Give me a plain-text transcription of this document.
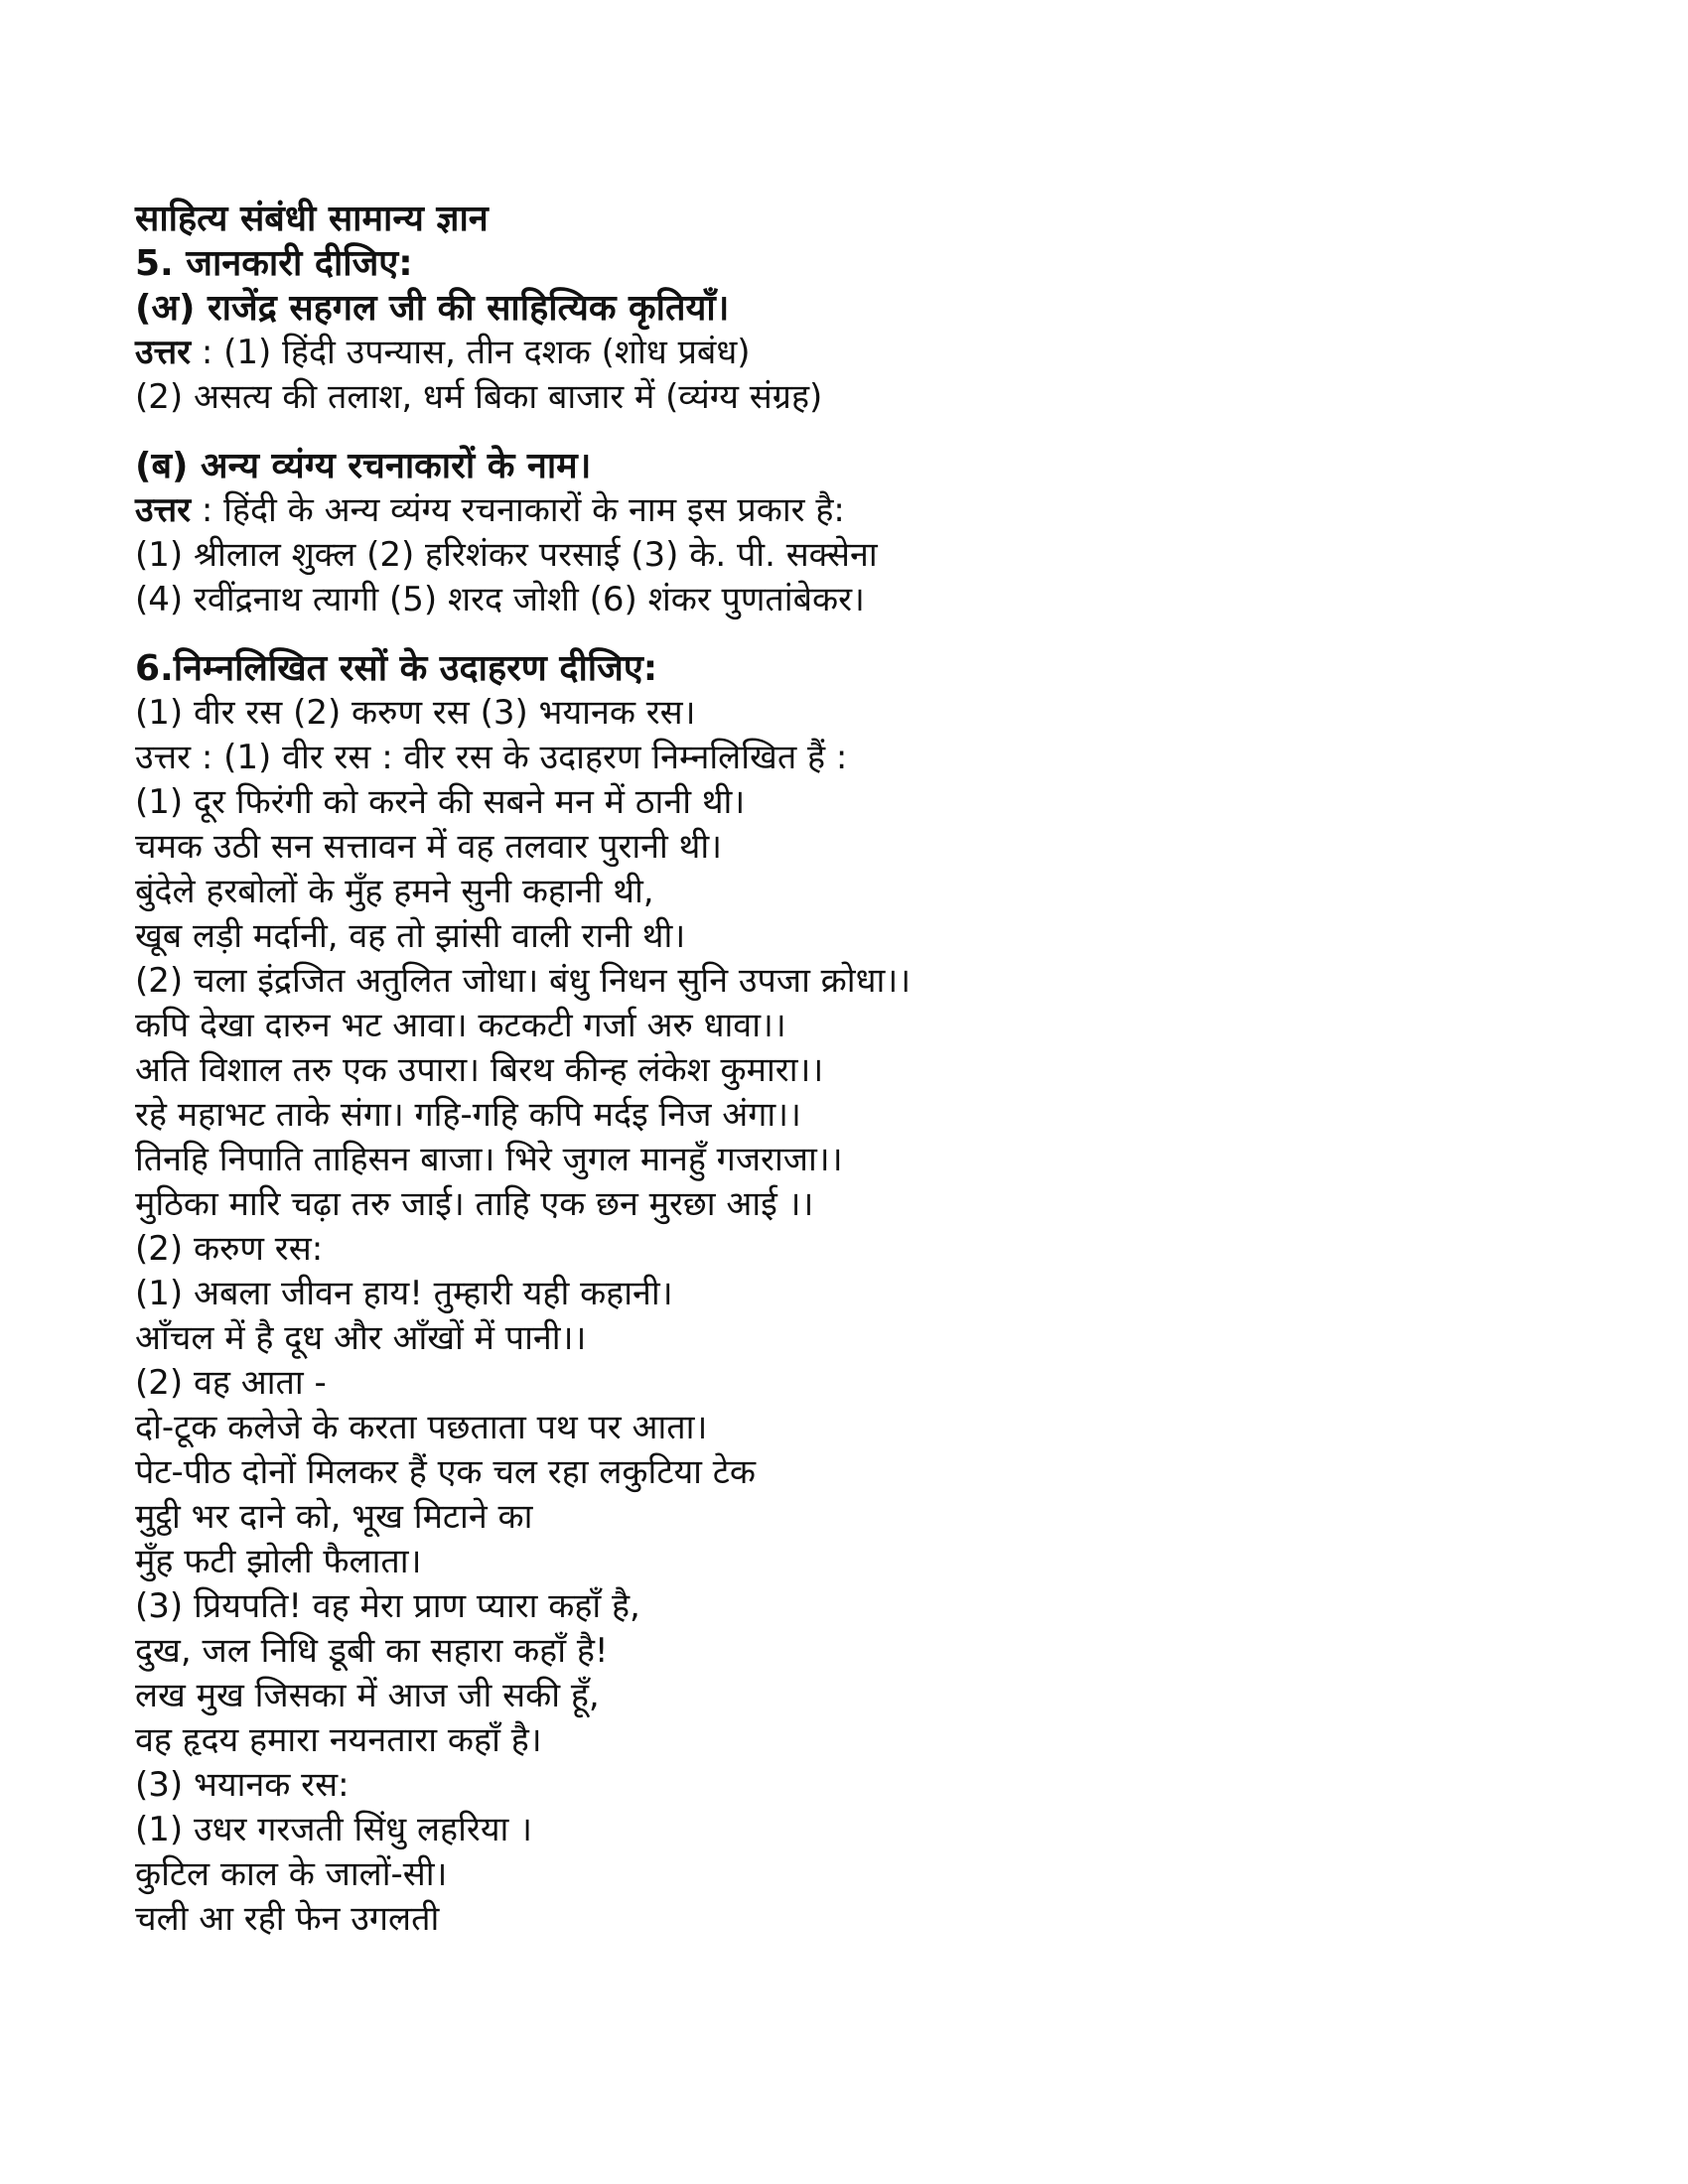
साहित्य संबंधी सामान्य ज्ञान
5. जानकारी दीजिए:
(अ) राजेंद्र सहगल जी की साहित्यिक कृतियाँ।
उत्तर : (1) हिंदी उपन्यास, तीन दशक (शोध प्रबंध)
(2) असत्य की तलाश, धर्म बिका बाजार में (व्यंग्य संग्रह)
(ब) अन्य व्यंग्य रचनाकारों के नाम।
उत्तर : हिंदी के अन्य व्यंग्य रचनाकारों के नाम इस प्रकार है:
(1) श्रीलाल शुक्ल (2) हरिशंकर परसाई (3) के. पी. सक्सेना
(4) रवींद्रनाथ त्यागी (5) शरद जोशी (6) शंकर पुणतांबेकर।
6.निम्नलिखित रसों के उदाहरण दीजिए:
(1) वीर रस (2) करुण रस (3) भयानक रस।
उत्तर : (1) वीर रस : वीर रस के उदाहरण निम्नलिखित हैं :
(1) दूर फिरंगी को करने की सबने मन में ठानी थी।
चमक उठी सन सत्तावन में वह तलवार पुरानी थी।
बुंदेले हरबोलों के मुँह हमने सुनी कहानी थी,
खूब लड़ी मर्दानी, वह तो झांसी वाली रानी थी।
(2) चला इंद्रजित अतुलित जोधा। बंधु निधन सुनि उपजा क्रोधा।।
कपि देखा दारुन भट आवा। कटकटी गर्जा अरु धावा।।
अति विशाल तरु एक उपारा। बिरथ कीन्ह लंकेश कुमारा।।
रहे महाभट ताके संगा। गहि-गहि कपि मर्दइ निज अंगा।।
तिनहि निपाति ताहिसन बाजा। भिरे जुगल मानहुँ गजराजा।।
मुठिका मारि चढ़ा तरु जाई। ताहि एक छन मुरछा आई ।।
(2) करुण रस:
(1) अबला जीवन हाय! तुम्हारी यही कहानी।
आँचल में है दूध और आँखों में पानी।।
(2) वह आता -
दो-टूक कलेजे के करता पछताता पथ पर आता।
पेट-पीठ दोनों मिलकर हैं एक चल रहा लकुटिया टेक
मुट्ठी भर दाने को, भूख मिटाने का
मुँह फटी झोली फैलाता।
(3) प्रियपति! वह मेरा प्राण प्यारा कहाँ है,
दुख, जल निधि डूबी का सहारा कहाँ है!
लख मुख जिसका में आज जी सकी हूँ,
वह हृदय हमारा नयनतारा कहाँ है।
(3) भयानक रस:
(1) उधर गरजती सिंधु लहरिया ।
कुटिल काल के जालों-सी।
चली आ रही फेन उगलती
